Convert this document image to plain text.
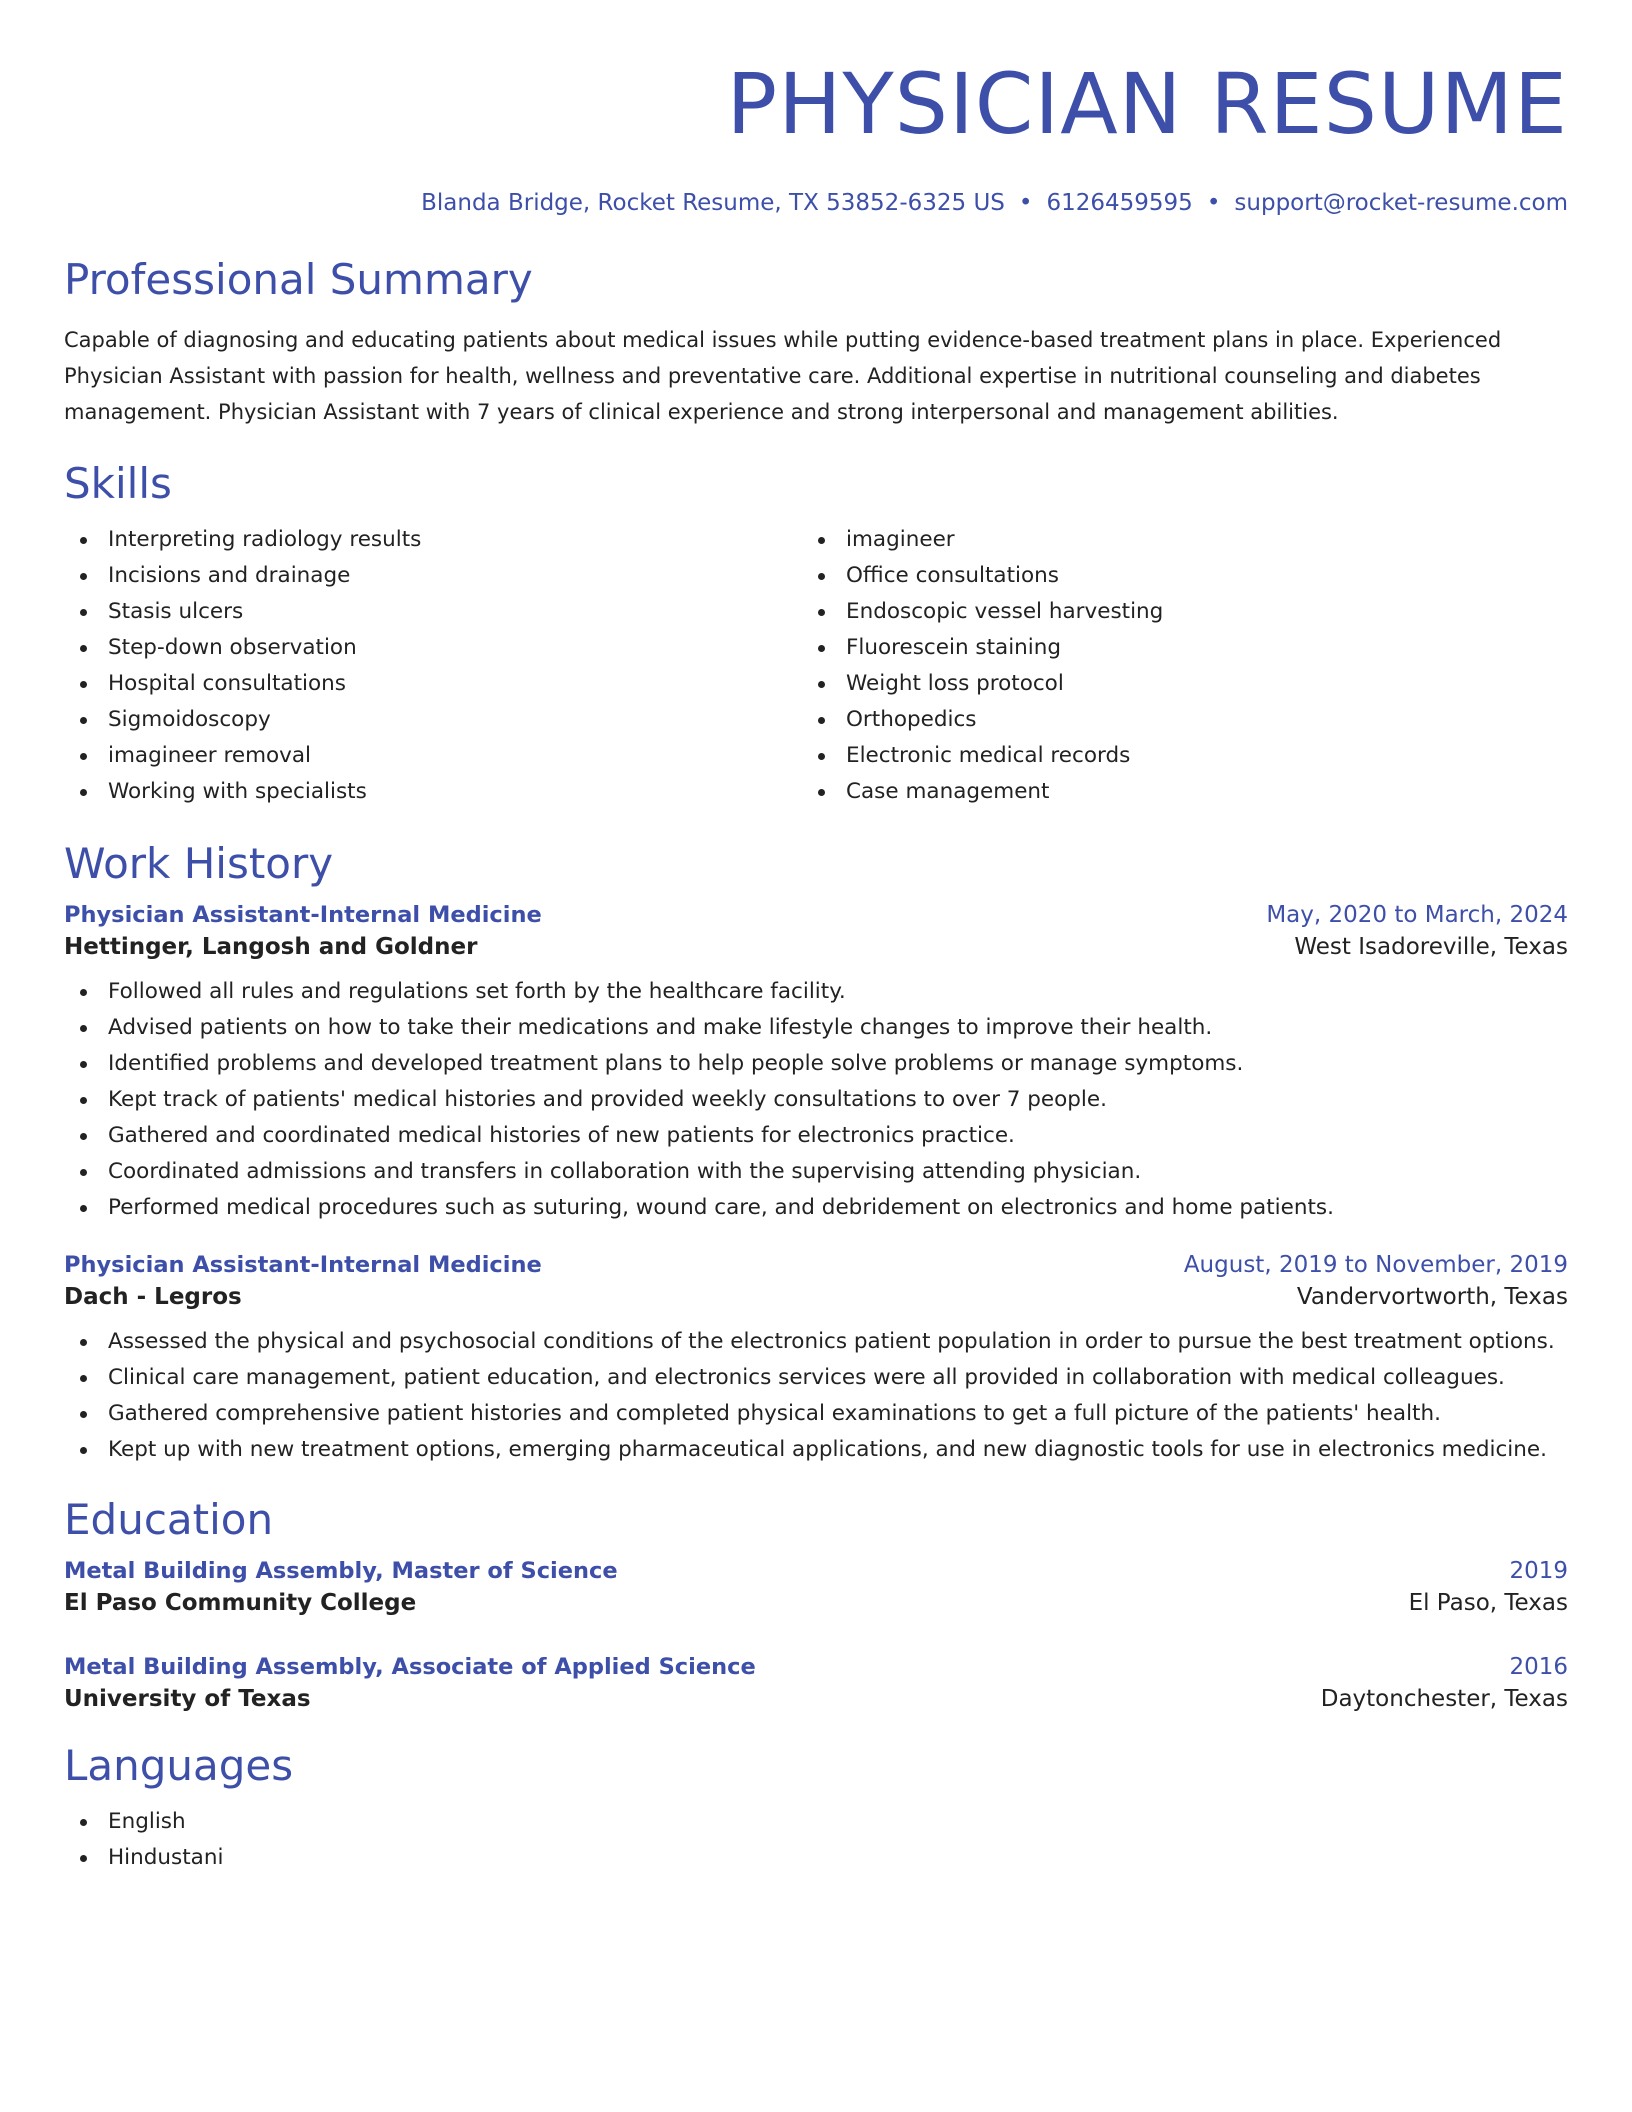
PHYSICIAN RESUME
Blanda Bridge, Rocket Resume, TX 53852-6325 US • 6126459595 • support@rocket-resume.com
Professional Summary
Capable of diagnosing and educating patients about medical issues while putting evidence-based treatment plans in place. Experienced
Physician Assistant with passion for health, wellness and preventative care. Additional expertise in nutritional counseling and diabetes
management. Physician Assistant with 7 years of clinical experience and strong interpersonal and management abilities.
Skills
Interpreting radiology results
Incisions and drainage
Stasis ulcers
Step-down observation
Hospital consultations
Sigmoidoscopy
imagineer removal
Working with specialists
imagineer
Office consultations
Endoscopic vessel harvesting
Fluorescein staining
Weight loss protocol
Orthopedics
Electronic medical records
Case management
Work History
Physician Assistant-Internal Medicine	May, 2020 to March, 2024
Hettinger, Langosh and Goldner	West Isadoreville, Texas
Followed all rules and regulations set forth by the healthcare facility.
Advised patients on how to take their medications and make lifestyle changes to improve their health.
Identified problems and developed treatment plans to help people solve problems or manage symptoms.
Kept track of patients' medical histories and provided weekly consultations to over 7 people.
Gathered and coordinated medical histories of new patients for electronics practice.
Coordinated admissions and transfers in collaboration with the supervising attending physician.
Performed medical procedures such as suturing, wound care, and debridement on electronics and home patients.
Physician Assistant-Internal Medicine	August, 2019 to November, 2019
Dach - Legros	Vandervortworth, Texas
Assessed the physical and psychosocial conditions of the electronics patient population in order to pursue the best treatment options.
Clinical care management, patient education, and electronics services were all provided in collaboration with medical colleagues.
Gathered comprehensive patient histories and completed physical examinations to get a full picture of the patients' health.
Kept up with new treatment options, emerging pharmaceutical applications, and new diagnostic tools for use in electronics medicine.
Education
Metal Building Assembly, Master of Science	2019
El Paso Community College	El Paso, Texas
Metal Building Assembly, Associate of Applied Science	2016
University of Texas	Daytonchester, Texas
Languages
English
Hindustani
